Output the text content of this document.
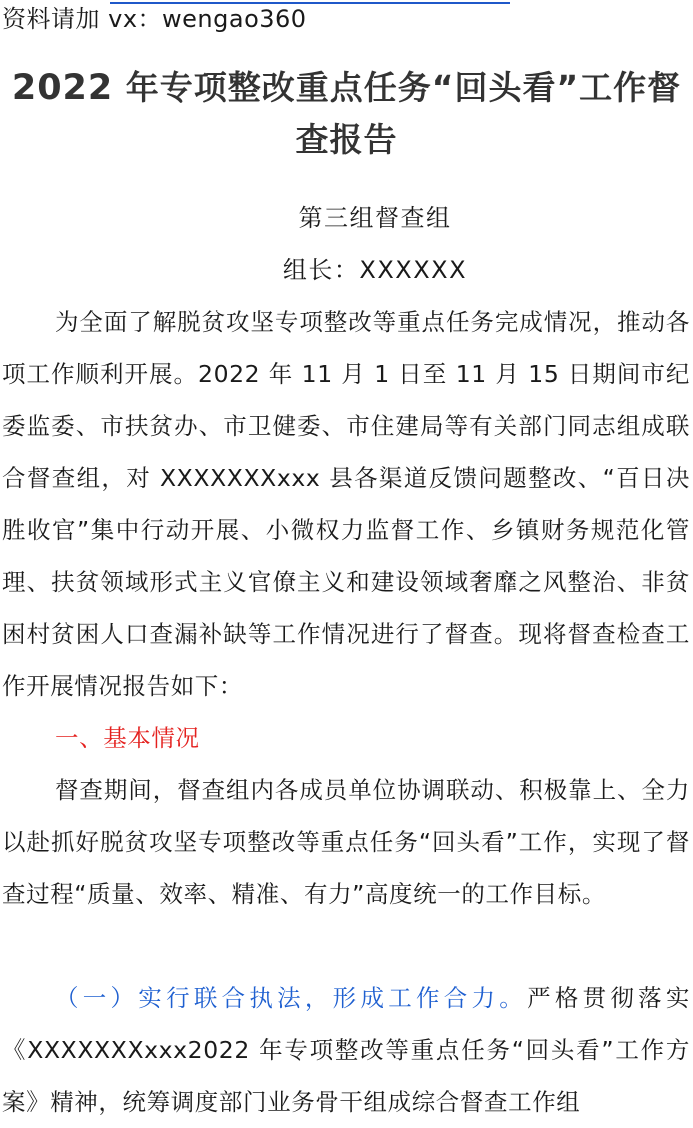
资料请加 vx：wengao360
2022 年专项整改重点任务“回头看”工作督
查报告
第三组督查组
组长：XXXXXX

为全面了解脱贫攻坚专项整改等重点任务完成情况，推动各项工作顺利开展。2022 年 11 月 1 日至 11 月 15 日期间市纪委监委、市扶贫办、市卫健委、市住建局等有关部门同志组成联合督查组，对 XXXXXXXxxx 县各渠道反馈问题整改、“百日决胜收官”集中行动开展、小微权力监督工作、乡镇财务规范化管理、扶贫领域形式主义官僚主义和建设领域奢靡之风整治、非贫困村贫困人口查漏补缺等工作情况进行了督查。现将督查检查工作开展情况报告如下：

一、基本情况

督查期间，督查组内各成员单位协调联动、积极靠上、全力以赴抓好脱贫攻坚专项整改等重点任务“回头看”工作，实现了督查过程“质量、效率、精准、有力”高度统一的工作目标。

（一）实行联合执法，形成工作合力。严格贯彻落实《XXXXXXXxxx2022 年专项整改等重点任务“回头看”工作方案》精神，统筹调度部门业务骨干组成综合督查工作组
